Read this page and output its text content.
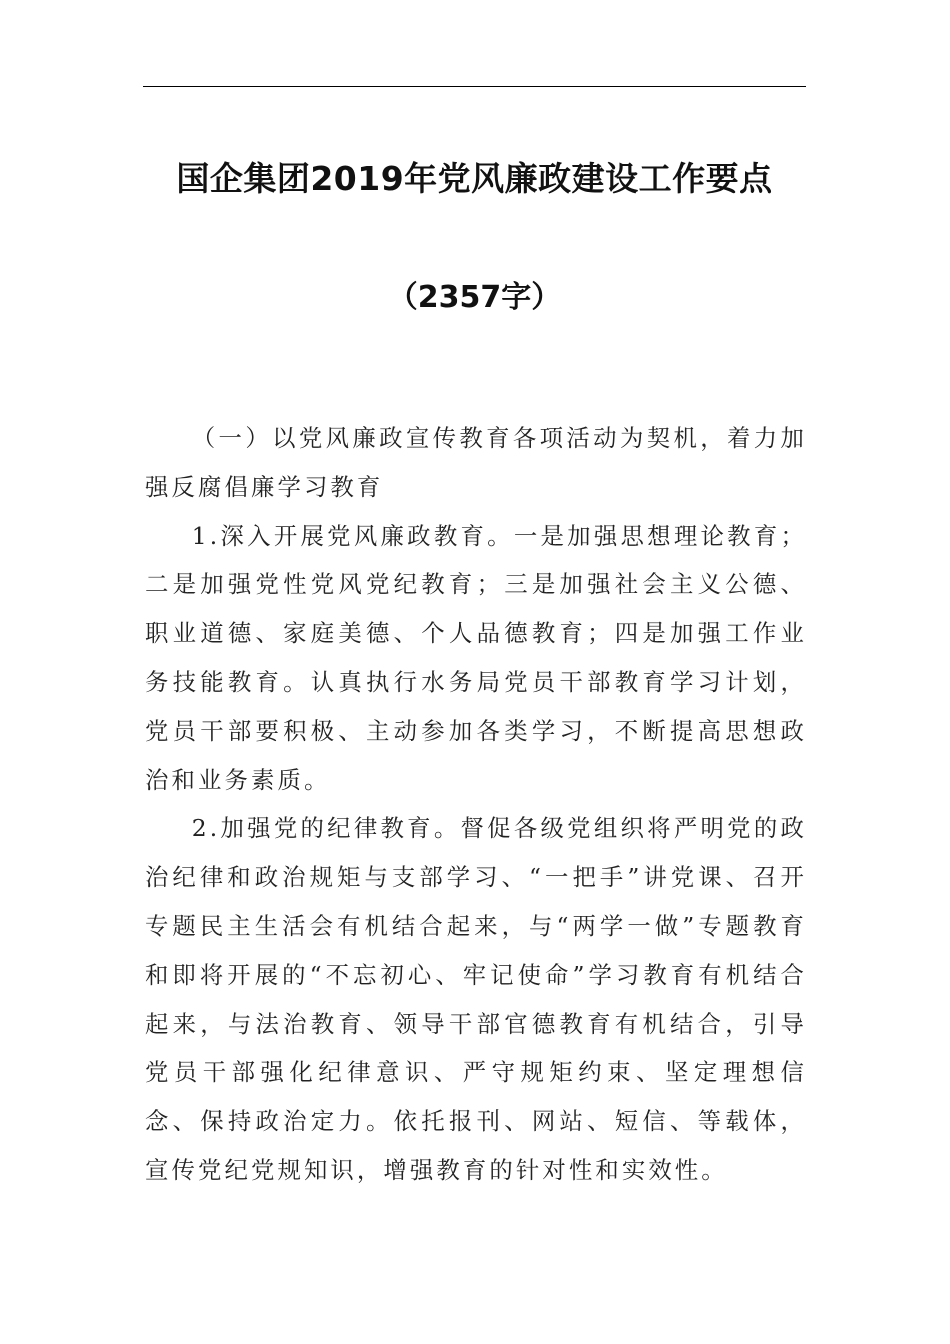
国企集团2019年党风廉政建设工作要点
（2357字）

（一）以党风廉政宣传教育各项活动为契机，着力加强反腐倡廉学习教育

1.深入开展党风廉政教育。一是加强思想理论教育；二是加强党性党风党纪教育；三是加强社会主义公德、职业道德、家庭美德、个人品德教育；四是加强工作业务技能教育。认真执行水务局党员干部教育学习计划，党员干部要积极、主动参加各类学习，不断提高思想政治和业务素质。

2.加强党的纪律教育。督促各级党组织将严明党的政治纪律和政治规矩与支部学习、“一把手”讲党课、召开专题民主生活会有机结合起来，与“两学一做”专题教育和即将开展的“不忘初心、牢记使命”学习教育有机结合起来，与法治教育、领导干部官德教育有机结合，引导党员干部强化纪律意识、严守规矩约束、坚定理想信念、保持政治定力。依托报刊、网站、短信、等载体，宣传党纪党规知识，增强教育的针对性和实效性。
